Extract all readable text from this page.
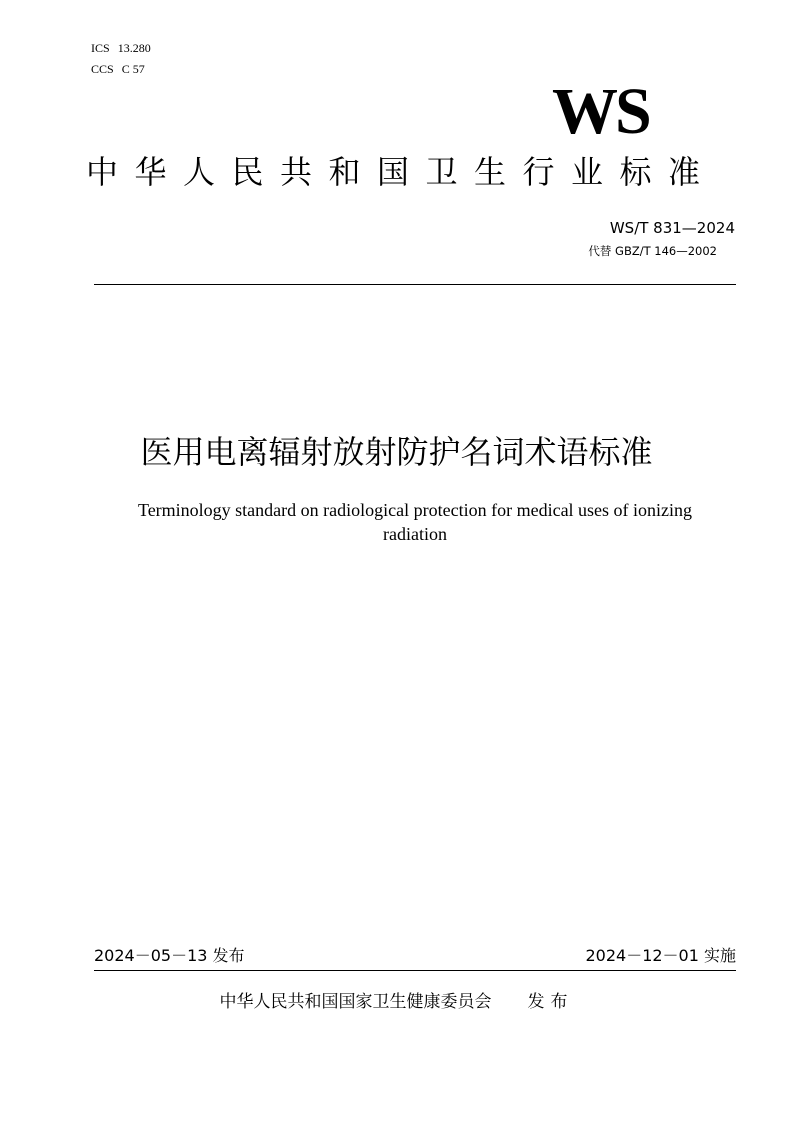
ICS 13.280
CCS C 57
WS
中华人民共和国卫生行业标准
WS/T 831—2024
代替 GBZ/T 146—2002
医用电离辐射放射防护名词术语标准
Terminology standard on radiological protection for medical uses of ionizing radiation
2024－05－13 发布	2024－12－01 实施
中华人民共和国国家卫生健康委员会 发布
